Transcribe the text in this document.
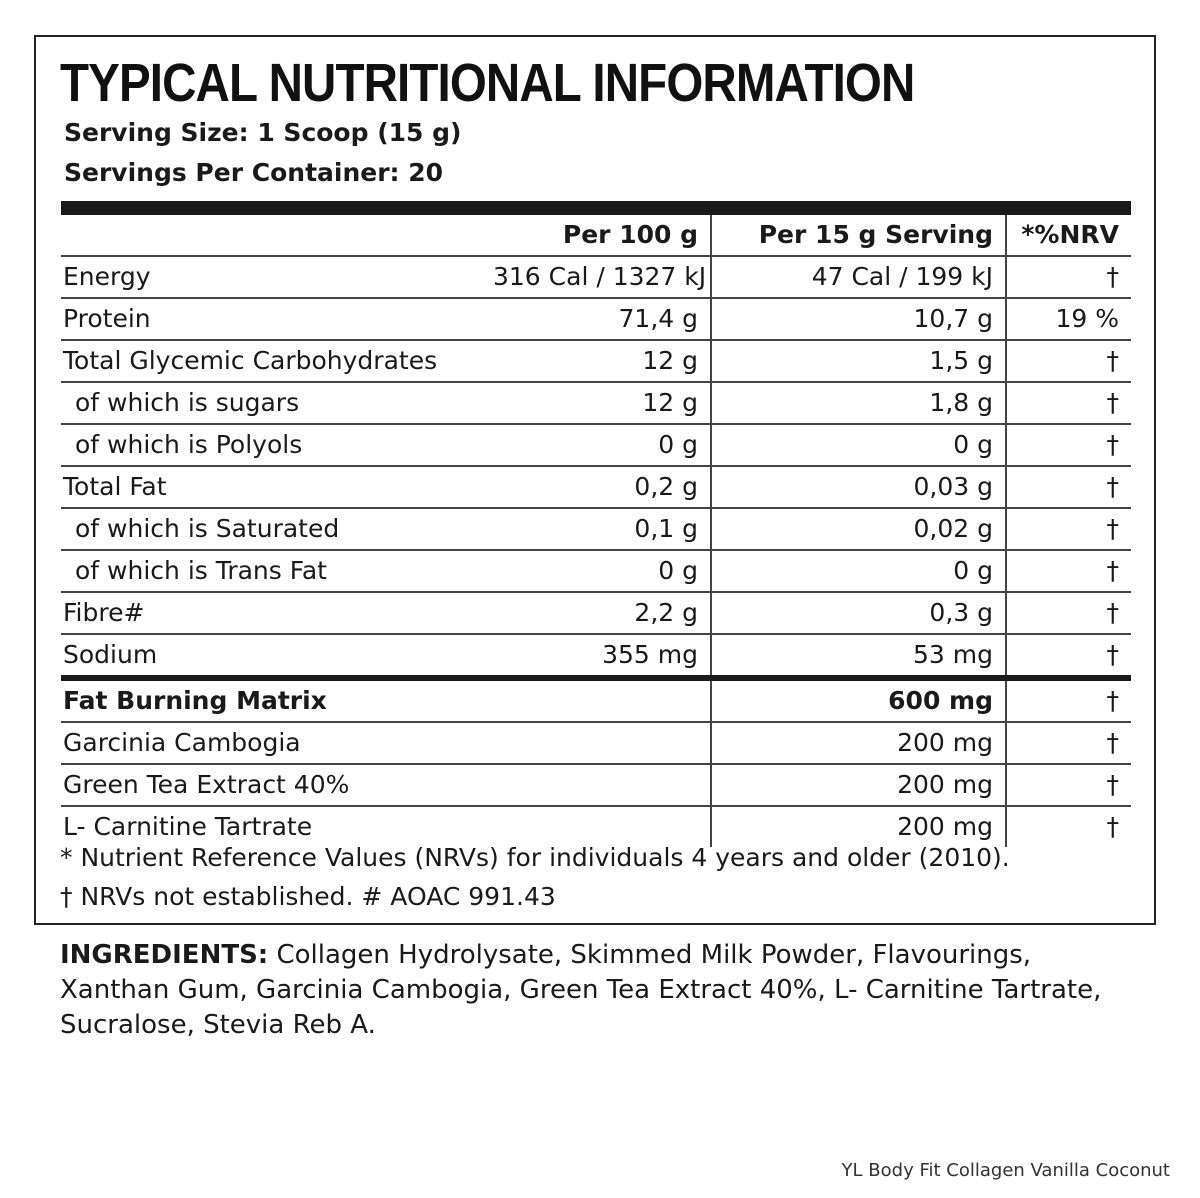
TYPICAL NUTRITIONAL INFORMATION
Serving Size: 1 Scoop (15 g)
Servings Per Container: 20

	Per 100 g	Per 15 g Serving	*%NRV
Energy	316 Cal / 1327 kJ	47 Cal / 199 kJ	†
Protein	71,4 g	10,7 g	19 %
Total Glycemic Carbohydrates	12 g	1,5 g	†
of which is sugars	12 g	1,8 g	†
of which is Polyols	0 g	0 g	†
Total Fat	0,2 g	0,03 g	†
of which is Saturated	0,1 g	0,02 g	†
of which is Trans Fat	0 g	0 g	†
Fibre#	2,2 g	0,3 g	†
Sodium	355 mg	53 mg	†
Fat Burning Matrix		600 mg	†
Garcinia Cambogia		200 mg	†
Green Tea Extract 40%		200 mg	†
L- Carnitine Tartrate		200 mg	†
* Nutrient Reference Values (NRVs) for individuals 4 years and older (2010).
† NRVs not established. # AOAC 991.43

INGREDIENTS: Collagen Hydrolysate, Skimmed Milk Powder, Flavourings, Xanthan Gum, Garcinia Cambogia, Green Tea Extract 40%, L- Carnitine Tartrate, Sucralose, Stevia Reb A.

YL Body Fit Collagen Vanilla Coconut
